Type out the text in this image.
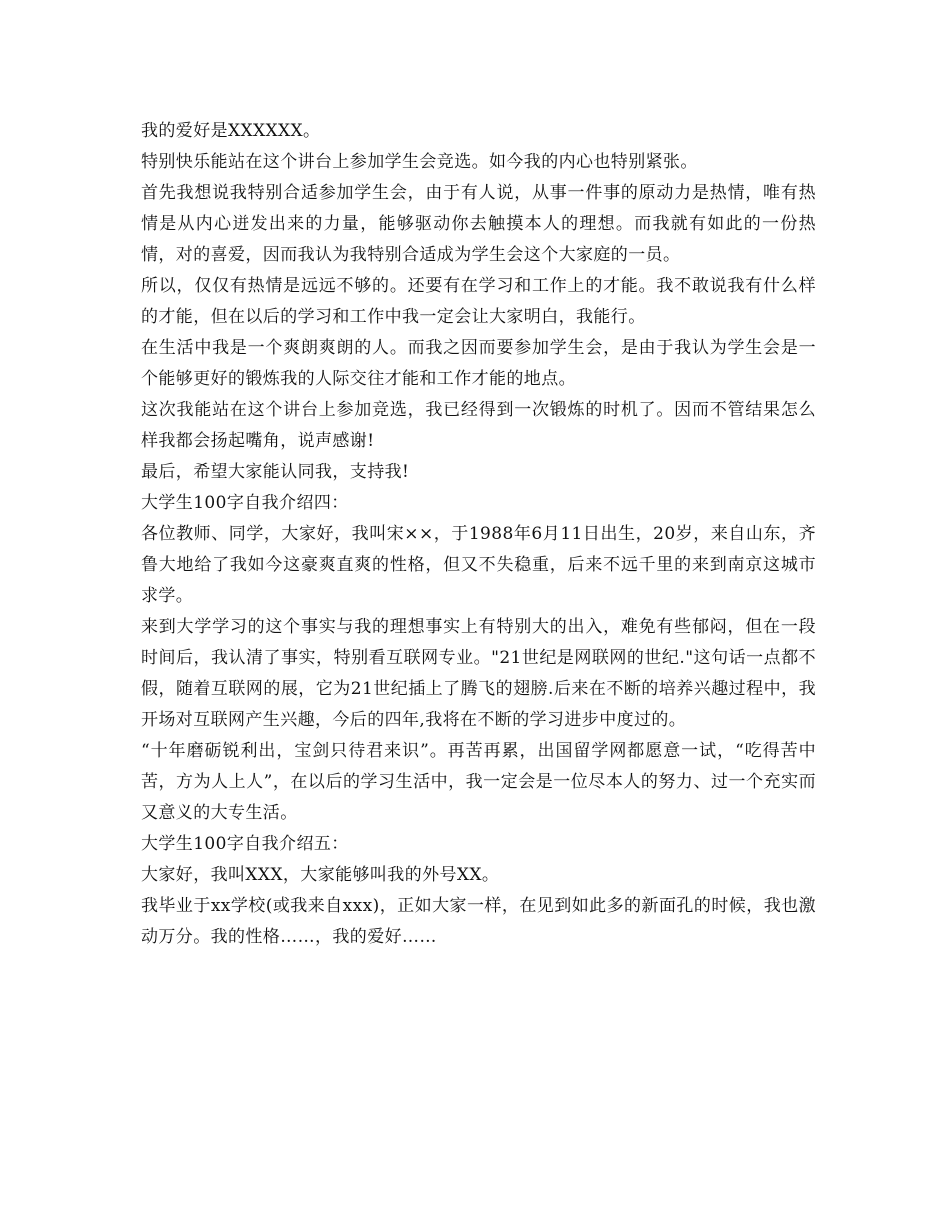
我的爱好是XXXXXX。

特别快乐能站在这个讲台上参加学生会竞选。如今我的内心也特别紧张。

首先我想说我特别合适参加学生会，由于有人说，从事一件事的原动力是热情，唯有热情是从内心迸发出来的力量，能够驱动你去触摸本人的理想。而我就有如此的一份热情，对的喜爱，因而我认为我特别合适成为学生会这个大家庭的一员。

所以，仅仅有热情是远远不够的。还要有在学习和工作上的才能。我不敢说我有什么样的才能，但在以后的学习和工作中我一定会让大家明白，我能行。

在生活中我是一个爽朗爽朗的人。而我之因而要参加学生会，是由于我认为学生会是一个能够更好的锻炼我的人际交往才能和工作才能的地点。

这次我能站在这个讲台上参加竞选，我已经得到一次锻炼的时机了。因而不管结果怎么样我都会扬起嘴角，说声感谢!

最后，希望大家能认同我，支持我!

大学生100字自我介绍四：

各位教师、同学，大家好，我叫宋××，于1988年6月11日出生，20岁，来自山东，齐鲁大地给了我如今这豪爽直爽的性格，但又不失稳重，后来不远千里的来到南京这城市求学。

来到大学学习的这个事实与我的理想事实上有特别大的出入，难免有些郁闷，但在一段时间后，我认清了事实，特别看互联网专业。"21世纪是网联网的世纪."这句话一点都不假，随着互联网的展，它为21世纪插上了腾飞的翅膀.后来在不断的培养兴趣过程中，我开场对互联网产生兴趣，今后的四年,我将在不断的学习进步中度过的。

“十年磨砺锐利出，宝剑只待君来识”。再苦再累，出国留学网都愿意一试，“吃得苦中苦，方为人上人”，在以后的学习生活中，我一定会是一位尽本人的努力、过一个充实而又意义的大专生活。

大学生100字自我介绍五：

大家好，我叫XXX，大家能够叫我的外号XX。

我毕业于xx学校(或我来自xxx)，正如大家一样，在见到如此多的新面孔的时候，我也激动万分。我的性格……，我的爱好……
